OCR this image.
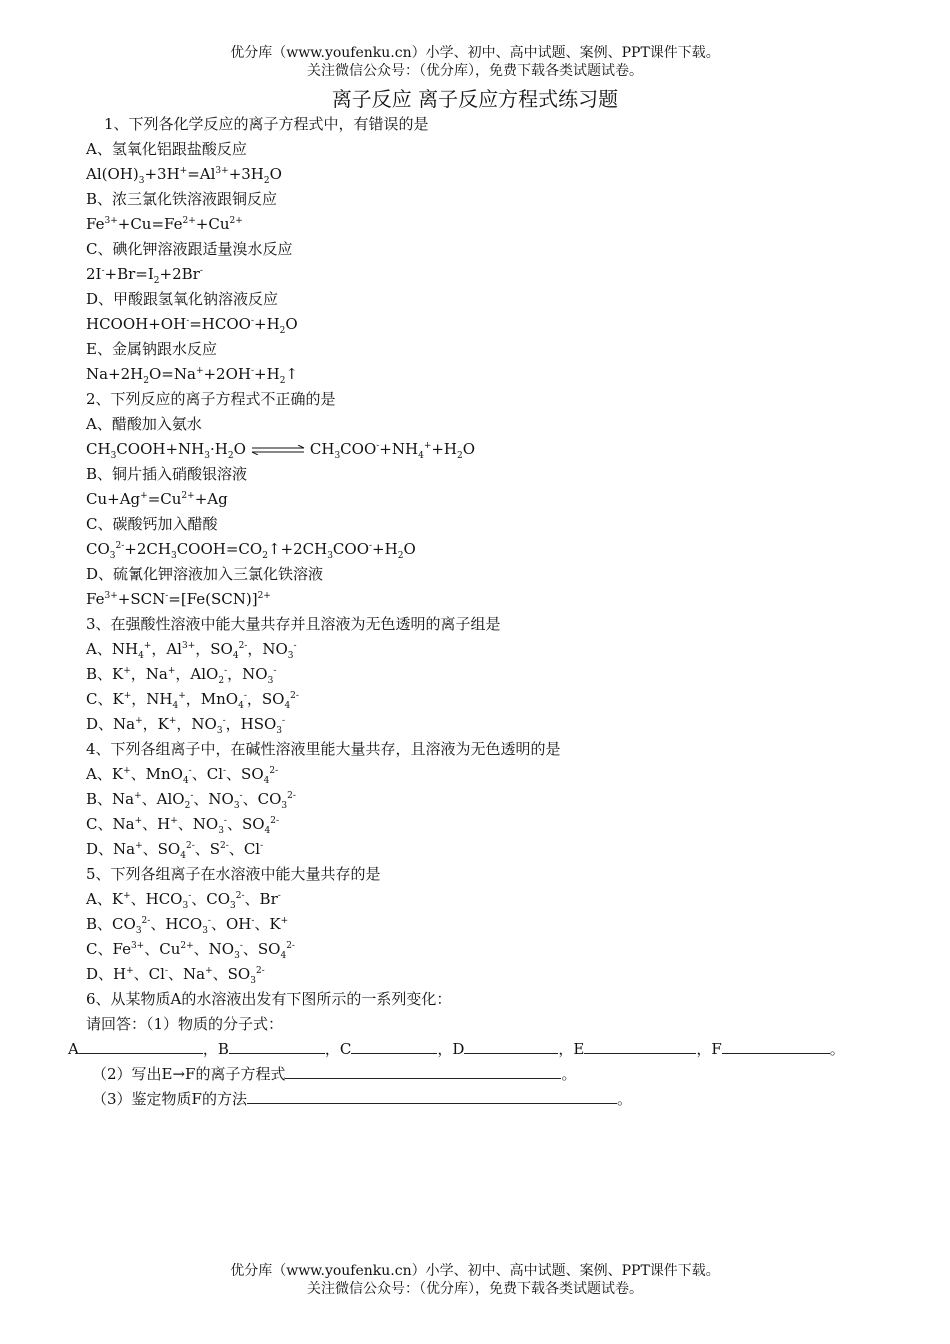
优分库（www.youfenku.cn）小学、初中、高中试题、案例、PPT课件下载。
关注微信公众号：（优分库），免费下载各类试题试卷。
离子反应 离子反应方程式练习题
1、下列各化学反应的离子方程式中，有错误的是
A、氢氧化铝跟盐酸反应
$Al(OH)_3+3H^+=Al^{3+}+3H_2O$
B、浓三氯化铁溶液跟铜反应
$Fe^{3+}+Cu=Fe^{2+}+Cu^{2+}$
C、碘化钾溶液跟适量溴水反应
$2I^-+Br=I_2+2Br^-$
D、甲酸跟氢氧化钠溶液反应
$HCOOH+OH^-=HCOO^-+H_2O$
E、金属钠跟水反应
$Na+2H_2O=Na^++2OH^-+H_2↑$
2、下列反应的离子方程式不正确的是
A、醋酸加入氨水
$CH_3COOH+NH_3\cdot H_2O$ ⇌ $CH_3COO^-+NH_4^++H_2O$
B、铜片插入硝酸银溶液
$Cu+Ag^+=Cu^{2+}+Ag$
C、碳酸钙加入醋酸
$CO_3^{2-}+2CH_3COOH=CO_2↑+2CH_3COO^-+H_2O$
D、硫氰化钾溶液加入三氯化铁溶液
$Fe^{3+}+SCN^-=[Fe(SCN)]^{2+}$
3、在强酸性溶液中能大量共存并且溶液为无色透明的离子组是
A、$NH_4^+$，$Al^{3+}$，$SO_4^{2-}$，$NO_3^-$
B、K+，Na+，AlO$_2$-，$NO_3^-$
C、K+，$NH_4^+$，MnO$_4$-，$SO_4^{2-}$
D、Na+，K+，$NO_3^-$，$HSO_3^-$
4、下列各组离子中，在碱性溶液里能大量共存，且溶液为无色透明的是
A、K+、MnO$_4$-、Cl-、$SO_4^{2-}$
B、Na+、AlO$_2$-、$NO_3^-$、$CO_3^{2-}$
C、Na+、H+、$NO_3^-$、$SO_4^{2-}$
D、Na+、$SO_4^{2-}$、$S^{2-}$、Cl-
5、下列各组离子在水溶液中能大量共存的是
A、K+、$HCO_3^-$、$CO_3^{2-}$、Br-
B、$CO_3^{2-}$、$HCO_3^-$、OH-、K+
C、$Fe^{3+}$、$Cu^{2+}$、$NO_3^-$、$SO_4^{2-}$
D、H+、Cl-、Na+、$SO_3^{2-}$
6、从某物质A的水溶液出发有下图所示的一系列变化：
请回答：（1）物质的分子式：
A	，B	，C	，D	，E	，F	。
（2）写出E→F的离子方程式	。
（3）鉴定物质F的方法	。
优分库（www.youfenku.cn）小学、初中、高中试题、案例、PPT课件下载。
关注微信公众号：（优分库），免费下载各类试题试卷。
